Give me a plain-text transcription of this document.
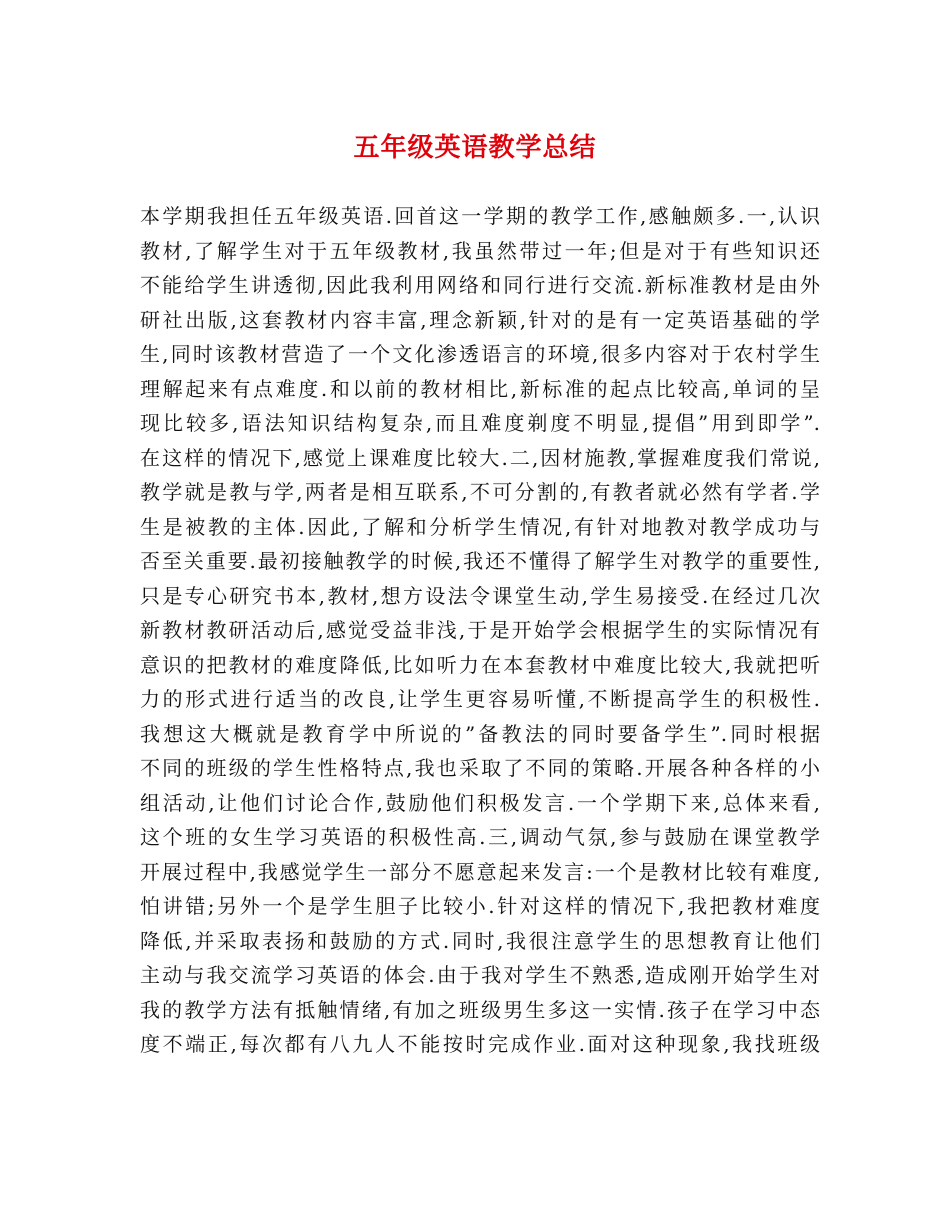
五年级英语教学总结
本学期我担任五年级英语.回首这一学期的教学工作,感触颇多.一,认识
教材,了解学生对于五年级教材,我虽然带过一年;但是对于有些知识还
不能给学生讲透彻,因此我利用网络和同行进行交流.新标准教材是由外
研社出版,这套教材内容丰富,理念新颖,针对的是有一定英语基础的学
生,同时该教材营造了一个文化渗透语言的环境,很多内容对于农村学生
理解起来有点难度.和以前的教材相比,新标准的起点比较高,单词的呈
现比较多,语法知识结构复杂,而且难度剃度不明显,提倡”用到即学”.
在这样的情况下,感觉上课难度比较大.二,因材施教,掌握难度我们常说,
教学就是教与学,两者是相互联系,不可分割的,有教者就必然有学者.学
生是被教的主体.因此,了解和分析学生情况,有针对地教对教学成功与
否至关重要.最初接触教学的时候,我还不懂得了解学生对教学的重要性,
只是专心研究书本,教材,想方设法令课堂生动,学生易接受.在经过几次
新教材教研活动后,感觉受益非浅,于是开始学会根据学生的实际情况有
意识的把教材的难度降低,比如听力在本套教材中难度比较大,我就把听
力的形式进行适当的改良,让学生更容易听懂,不断提高学生的积极性.
我想这大概就是教育学中所说的”备教法的同时要备学生”.同时根据
不同的班级的学生性格特点,我也采取了不同的策略.开展各种各样的小
组活动,让他们讨论合作,鼓励他们积极发言.一个学期下来,总体来看,
这个班的女生学习英语的积极性高.三,调动气氛,参与鼓励在课堂教学
开展过程中,我感觉学生一部分不愿意起来发言:一个是教材比较有难度,
怕讲错;另外一个是学生胆子比较小.针对这样的情况下,我把教材难度
降低,并采取表扬和鼓励的方式.同时,我很注意学生的思想教育让他们
主动与我交流学习英语的体会.由于我对学生不熟悉,造成刚开始学生对
我的教学方法有抵触情绪,有加之班级男生多这一实情.孩子在学习中态
度不端正,每次都有八九人不能按时完成作业.面对这种现象,我找班级
